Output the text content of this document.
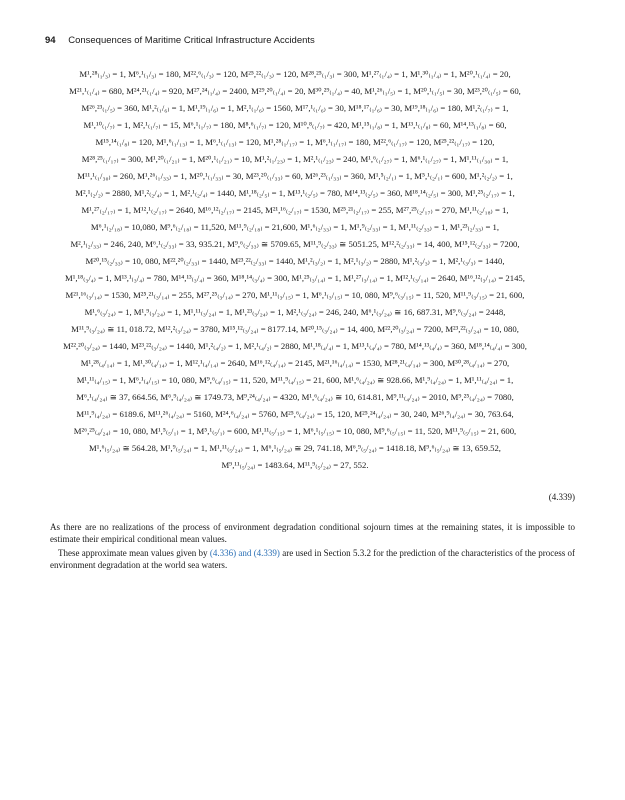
94 Consequences of Maritime Critical Infrastructure Accidents
M¹,²⁸₍₁/₃₎ = 1, M⁶,¹₍₁/₃₎ = 180, M²²,⁶₍₁/₃₎ = 120, M²⁵,²²₍₁/₃₎ = 120, M²⁸,²⁵₍₁/₃₎ = 300, M¹,²⁷₍₁/₄₎ = 1, M¹,³⁰₍₁/₄₎ = 1, M²⁰,¹₍₁/₄₎ = 20,
M²¹,¹₍₁/₄₎ = 680, M²⁴,²¹₍₁/₄₎ = 920, M²⁷,²⁴₍₁/₄₎ = 2400, M²⁹,²⁰₍₁/₄₎ = 20, M³⁰,²⁹₍₁/₄₎ = 40, M¹,²⁶₍₁/₅₎ = 1, M²⁰,¹₍₁/₅₎ = 30, M²³,²⁰₍₁/₅₎ = 60,
M²⁶,²³₍₁/₅₎ = 360, M¹,²₍₁/₆₎ = 1, M¹,¹⁹₍₁/₆₎ = 1, M²,¹₍₁/₆₎ = 1560, M¹⁷,¹₍₁/₆₎ = 30, M¹⁸,¹⁷₍₁/₆₎ = 30, M¹⁹,¹⁸₍₁/₆₎ = 180, M¹,²₍₁/₇₎ = 1,
M¹,¹⁰₍₁/₇₎ = 1, M²,¹₍₁/₇₎ = 15, M⁶,¹₍₁/₇₎ = 180, M⁸,⁶₍₁/₇₎ = 120, M¹⁰,⁸₍₁/₇₎ = 420, M¹,¹⁵₍₁/₈₎ = 1, M¹³,¹₍₁/₈₎ = 60, M¹⁴,¹³₍₁/₈₎ = 60,
M¹⁵,¹⁴₍₁/₈₎ = 120, M¹,⁶₍₁/₁₃₎ = 1, M⁶,¹₍₁/₁₃₎ = 120, M¹,²⁸₍₁/₁₇₎ = 1, M⁶,¹₍₁/₁₇₎ = 180, M²²,⁶₍₁/₁₇₎ = 120, M²⁵,²²₍₁/₁₇₎ = 120,
M²⁸,²⁵₍₁/₁₇₎ = 300, M¹,²⁰₍₁/₂₁₎ = 1, M²⁰,¹₍₁/₂₁₎ = 10, M¹,²₍₁/₂₃₎ = 1, M²,¹₍₁/₂₃₎ = 240, M¹,⁶₍₁/₂₇₎ = 1, M⁶,¹₍₁/₂₇₎ = 1, M¹,¹¹₍₁/₃₀₎ = 1,
M¹¹,¹₍₁/₃₀₎ = 260, M¹,²⁶₍₁/₃₃₎ = 1, M²⁰,¹₍₁/₃₃₎ = 30, M²³,²⁰₍₁/₃₃₎ = 60, M²⁶,²³₍₁/₃₃₎ = 360, M¹,⁵₍₂/₁₎ = 1, M⁵,¹₍₂/₁₎ = 600, M¹,²₍₂/₂₎ = 1,
M²,¹₍₂/₂₎ = 2880, M¹,²₍₂/₄₎ = 1, M²,¹₍₂/₄₎ = 1440, M¹,¹⁸₍₂/₅₎ = 1, M¹³,¹₍₂/₅₎ = 780, M¹⁴,¹³₍₂/₅₎ = 360, M¹⁸,¹⁴₍₂/₅₎ = 300, M¹,²⁵₍₂/₁₇₎ = 1,
M¹,²⁷₍₂/₁₇₎ = 1, M¹²,¹₍₂/₁₇₎ = 2640, M¹⁶,¹²₍₂/₁₇₎ = 2145, M²¹,¹⁶₍₂/₁₇₎ = 1530, M²⁵,²¹₍₂/₁₇₎ = 255, M²⁷,²⁵₍₂/₁₇₎ = 270, M¹,¹¹₍₂/₁₈₎ = 1,
M⁶,¹₍₂/₁₈₎ = 10,080, M⁹,⁶₍₂/₁₈₎ = 11,520, M¹¹,⁹₍₂/₁₈₎ = 21,600, M¹,⁶₍₂/₃₃₎ = 1, M¹,⁹₍₂/₃₃₎ = 1, M¹,¹¹₍₂/₃₃₎ = 1, M¹,²³₍₂/₃₃₎ = 1,
M²,¹₍₂/₃₃₎ = 246, 240, M⁶,¹₍₂/₃₃₎ = 33, 935.21, M⁹,⁶₍₂/₃₃₎ ≅ 5709.65, M¹¹,⁹₍₂/₃₃₎ ≅ 5051.25, M¹²,²₍₂/₃₃₎ = 14, 400, M¹⁵,¹²₍₂/₃₃₎ = 7200,
M²⁰,¹⁵₍₂/₃₃₎ = 10, 080, M²²,²⁰₍₂/₃₃₎ = 1440, M²³,²²₍₂/₃₃₎ = 1440, M¹,²₍₃/₂₎ = 1, M²,¹₍₃/₂₎ = 2880, M¹,²₍₃/₃₎ = 1, M²,¹₍₃/₃₎ = 1440,
M¹,¹⁸₍₃/₄₎ = 1, M¹³,¹₍₃/₄₎ = 780, M¹⁴,¹³₍₃/₄₎ = 360, M¹⁸,¹⁴₍₃/₄₎ = 300, M¹,²⁵₍₃/₁₄₎ = 1, M¹,²⁷₍₃/₁₄₎ = 1, M¹²,¹₍₃/₁₄₎ = 2640, M¹⁶,¹²₍₃/₁₄₎ = 2145,
M²¹,¹⁶₍₃/₁₄₎ = 1530, M²⁵,²¹₍₃/₁₄₎ = 255, M²⁷,²⁵₍₃/₁₄₎ = 270, M¹,¹¹₍₃/₁₅₎ = 1, M⁶,¹₍₃/₁₅₎ = 10, 080, M⁹,⁶₍₃/₁₅₎ = 11, 520, M¹¹,⁹₍₃/₁₅₎ = 21, 600,
M¹,⁶₍₃/₂₄₎ = 1, M¹,⁹₍₃/₂₄₎ = 1, M¹,¹¹₍₃/₂₄₎ = 1, M¹,²³₍₃/₂₄₎ = 1, M²,¹₍₃/₂₄₎ = 246, 240, M⁶,¹₍₃/₂₄₎ ≅ 16, 687.31, M⁹,⁶₍₃/₂₄₎ = 2448,
M¹¹,⁹₍₃/₂₄₎ ≅ 11, 018.72, M¹²,²₍₃/₂₄₎ = 3780, M¹⁵,¹²₍₃/₂₄₎ = 8177.14, M²⁰,¹⁵₍₃/₂₄₎ = 14, 400, M²²,²⁰₍₃/₂₄₎ = 7200, M²³,²²₍₃/₂₄₎ = 10, 080,
M²²,²⁰₍₃/₂₄₎ = 1440, M²³,²²₍₃/₂₄₎ = 1440, M¹,²₍₄/₂₎ = 1, M²,¹₍₄/₂₎ = 2880, M¹,¹⁸₍₄/₄₎ = 1, M¹³,¹₍₄/₄₎ = 780, M¹⁴,¹³₍₄/₄₎ = 360, M¹⁸,¹⁴₍₄/₄₎ = 300,
M¹,²⁸₍₄/₁₄₎ = 1, M¹,³⁰₍₄/₁₄₎ = 1, M¹²,¹₍₄/₁₄₎ = 2640, M¹⁶,¹²₍₄/₁₄₎ = 2145, M²¹,¹⁶₍₄/₁₄₎ = 1530, M²⁸,²¹₍₄/₁₄₎ = 300, M³⁰,²⁸₍₄/₁₄₎ = 270,
M¹,¹¹₍₄/₁₅₎ = 1, M⁶,¹₍₄/₁₅₎ = 10, 080, M⁹,⁶₍₄/₁₅₎ = 11, 520, M¹¹,⁹₍₄/₁₅₎ = 21, 600, M¹,⁶₍₄/₂₄₎ ≅ 928.66, M¹,⁹₍₄/₂₄₎ = 1, M¹,¹¹₍₄/₂₄₎ = 1,
M⁶,¹₍₄/₂₄₎ ≅ 37, 664.56, M⁶,⁹₍₄/₂₄₎ ≅ 1749.73, M⁹,²⁴₍₄/₂₄₎ = 4320, M¹,⁶₍₄/₂₄₎ ≅ 10, 614.81, M⁹,¹¹₍₄/₂₄₎ = 2010, M⁹,²⁵₍₄/₂₄₎ = 7080,
M¹¹,⁹₍₄/₂₄₎ = 6189.6, M¹¹,²⁶₍₄/₂₄₎ = 5160, M²⁴,⁶₍₄/₂₄₎ = 5760, M²⁵,⁶₍₄/₂₄₎ = 15, 120, M²⁵,²⁴₍₄/₂₄₎ = 30, 240, M²⁶,⁹₍₄/₂₄₎ = 30, 763.64,
M²⁶,²⁵₍₄/₂₄₎ = 10, 080, M¹,⁵₍₅/₁₎ = 1, M⁵,¹₍₅/₁₎ = 600, M¹,¹¹₍₅/₁₅₎ = 1, M⁶,¹₍₅/₁₅₎ = 10, 080, M⁹,⁶₍₅/₁₅₎ = 11, 520, M¹¹,⁹₍₅/₁₅₎ = 21, 600,
M¹,⁶₍₅/₂₄₎ ≅ 564.28, M¹,⁹₍₅/₂₄₎ = 1, M¹,¹¹₍₅/₂₄₎ = 1, M⁶,¹₍₅/₂₄₎ ≅ 29, 741.18, M⁶,⁹₍₅/₂₄₎ = 1418.18, M⁹,⁶₍₅/₂₄₎ ≅ 13, 659.52,
M⁹,¹¹₍₅/₂₄₎ = 1483.64, M¹¹,⁹₍₅/₂₄₎ = 27, 552.
(4.339)
As there are no realizations of the process of environment degradation conditional sojourn times at the remaining states, it is impossible to estimate their empirical conditional mean values.
These approximate mean values given by (4.336) and (4.339) are used in Section 5.3.2 for the prediction of the characteristics of the process of environment degradation at the world sea waters.
